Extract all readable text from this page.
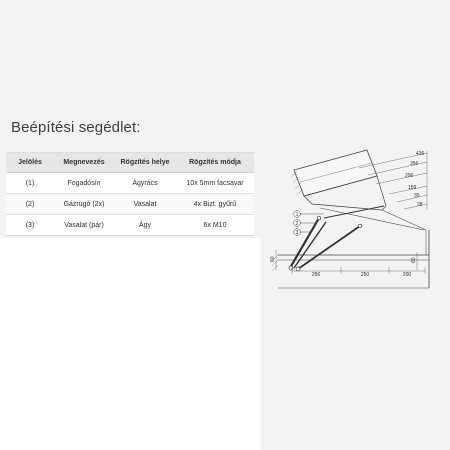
Beépítési segédlet:
Jelölés	Megnevezés	Rögzítés helye	Rögzítés módja
(1)	Fogadósín	Ágyrács	10x 5mm facsavar
(2)	Gázrugó (2x)	Vasalat	4x Bizt. gyűrű
(3)	Vasalat (pár)	Ágy	6x M10
1
2
3
436
356
296
159
35
28
256	250	200
60	60
